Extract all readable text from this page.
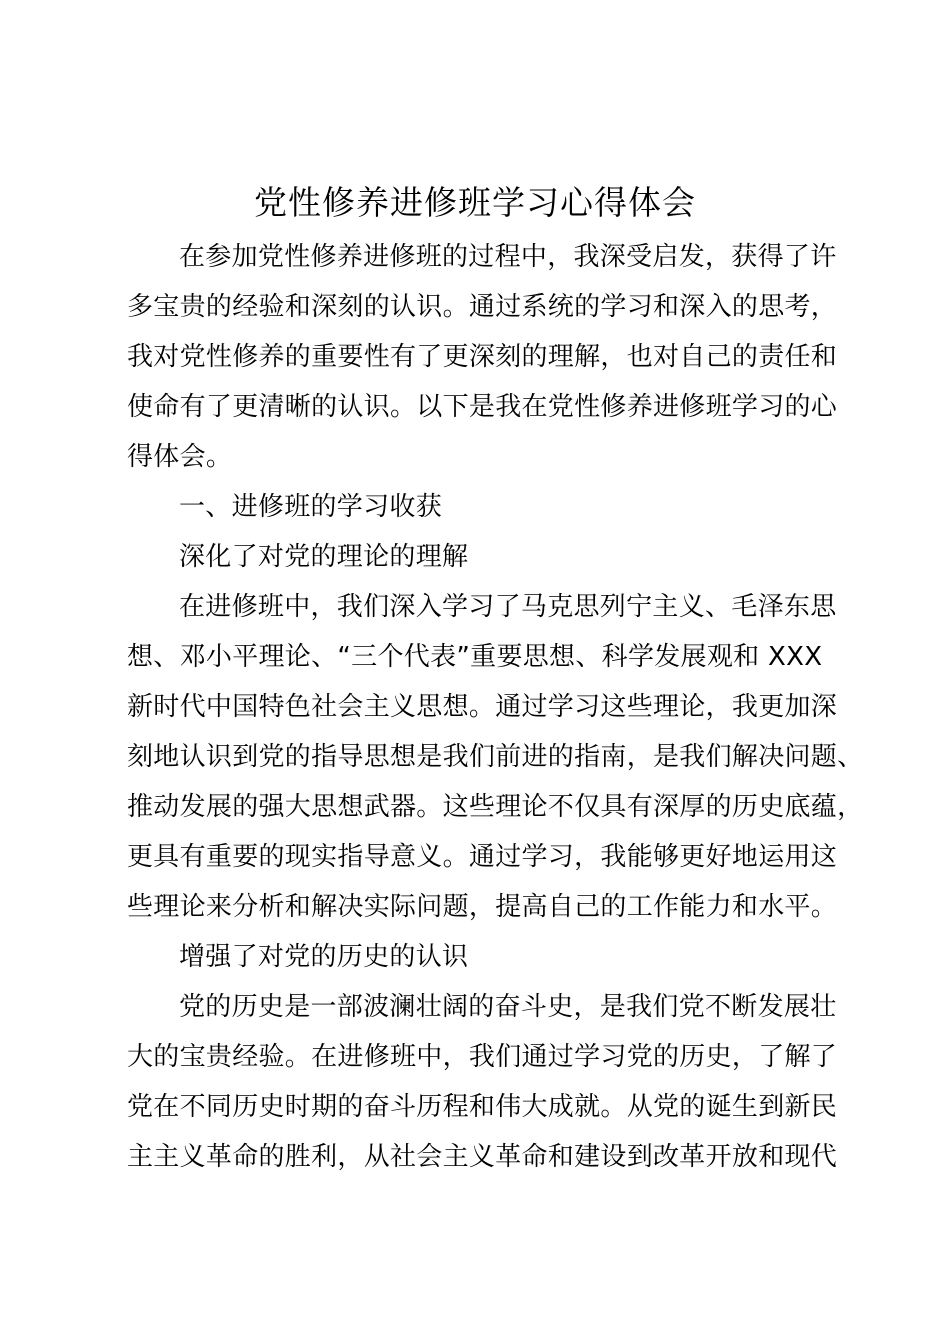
党性修养进修班学习心得体会
在参加党性修养进修班的过程中，我深受启发，获得了许
多宝贵的经验和深刻的认识。通过系统的学习和深入的思考，
我对党性修养的重要性有了更深刻的理解，也对自己的责任和
使命有了更清晰的认识。以下是我在党性修养进修班学习的心
得体会。
一、进修班的学习收获
深化了对党的理论的理解
在进修班中，我们深入学习了马克思列宁主义、毛泽东思
想、邓小平理论、“三个代表”重要思想、科学发展观和 XXX
新时代中国特色社会主义思想。通过学习这些理论，我更加深
刻地认识到党的指导思想是我们前进的指南，是我们解决问题、
推动发展的强大思想武器。这些理论不仅具有深厚的历史底蕴，
更具有重要的现实指导意义。通过学习，我能够更好地运用这
些理论来分析和解决实际问题，提高自己的工作能力和水平。
增强了对党的历史的认识
党的历史是一部波澜壮阔的奋斗史，是我们党不断发展壮
大的宝贵经验。在进修班中，我们通过学习党的历史，了解了
党在不同历史时期的奋斗历程和伟大成就。从党的诞生到新民
主主义革命的胜利，从社会主义革命和建设到改革开放和现代
